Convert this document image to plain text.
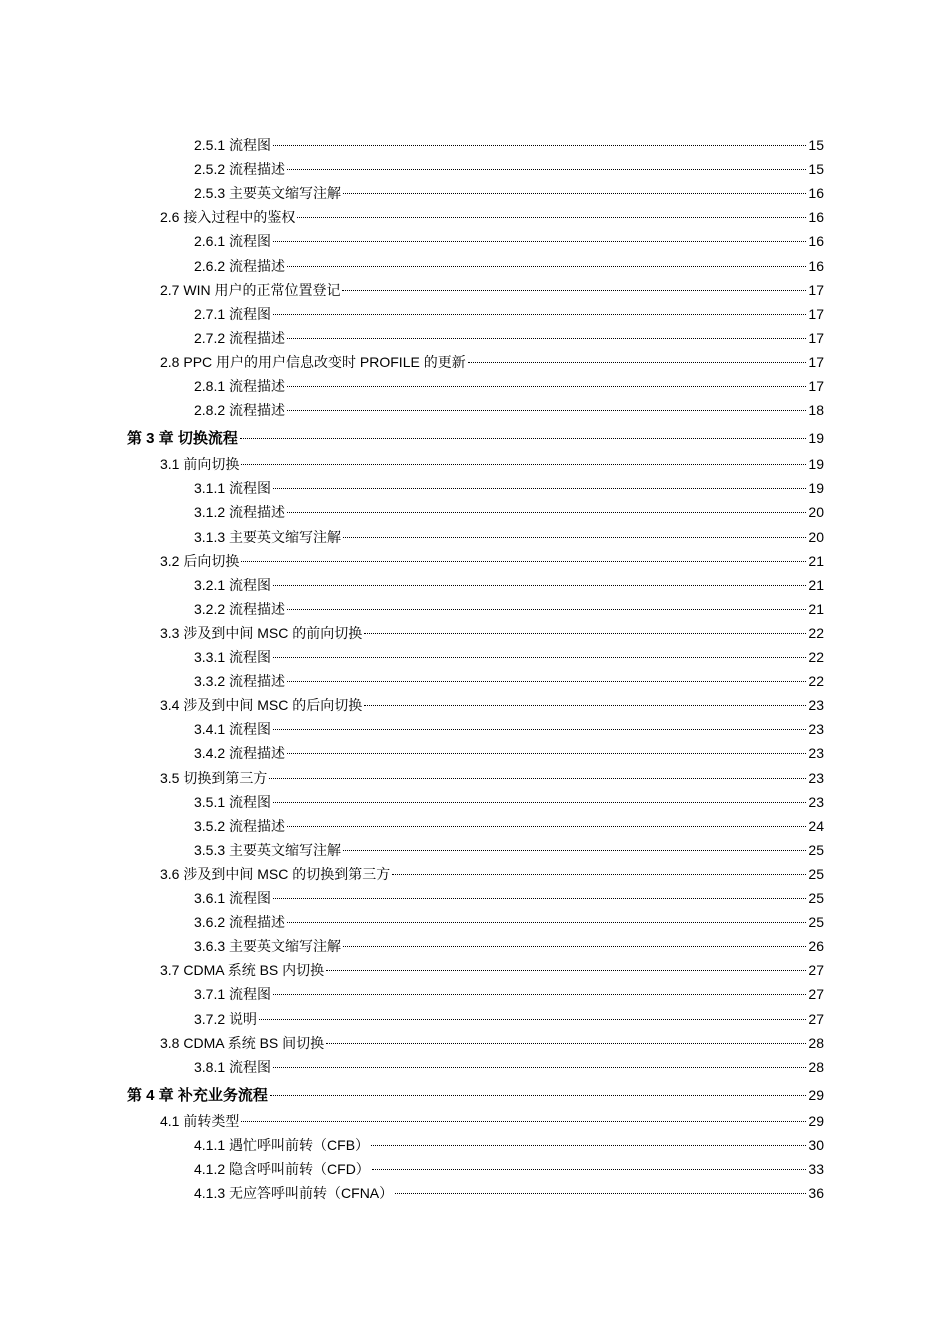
2.5.1 流程图	15
2.5.2 流程描述	15
2.5.3 主要英文缩写注解	16
2.6 接入过程中的鉴权	16
2.6.1 流程图	16
2.6.2 流程描述	16
2.7 WIN 用户的正常位置登记	17
2.7.1 流程图	17
2.7.2 流程描述	17
2.8 PPC 用户的用户信息改变时 PROFILE 的更新	17
2.8.1 流程描述	17
2.8.2 流程描述	18
第 3 章 切换流程	19
3.1 前向切换	19
3.1.1 流程图	19
3.1.2 流程描述	20
3.1.3 主要英文缩写注解	20
3.2 后向切换	21
3.2.1 流程图	21
3.2.2 流程描述	21
3.3 涉及到中间 MSC 的前向切换	22
3.3.1 流程图	22
3.3.2 流程描述	22
3.4 涉及到中间 MSC 的后向切换	23
3.4.1 流程图	23
3.4.2 流程描述	23
3.5 切换到第三方	23
3.5.1 流程图	23
3.5.2 流程描述	24
3.5.3 主要英文缩写注解	25
3.6 涉及到中间 MSC 的切换到第三方	25
3.6.1 流程图	25
3.6.2 流程描述	25
3.6.3 主要英文缩写注解	26
3.7 CDMA 系统 BS 内切换	27
3.7.1 流程图	27
3.7.2 说明	27
3.8 CDMA 系统 BS 间切换	28
3.8.1 流程图	28
第 4 章 补充业务流程	29
4.1 前转类型	29
4.1.1 遇忙呼叫前转（CFB）	30
4.1.2 隐含呼叫前转（CFD）	33
4.1.3 无应答呼叫前转（CFNA）	36
